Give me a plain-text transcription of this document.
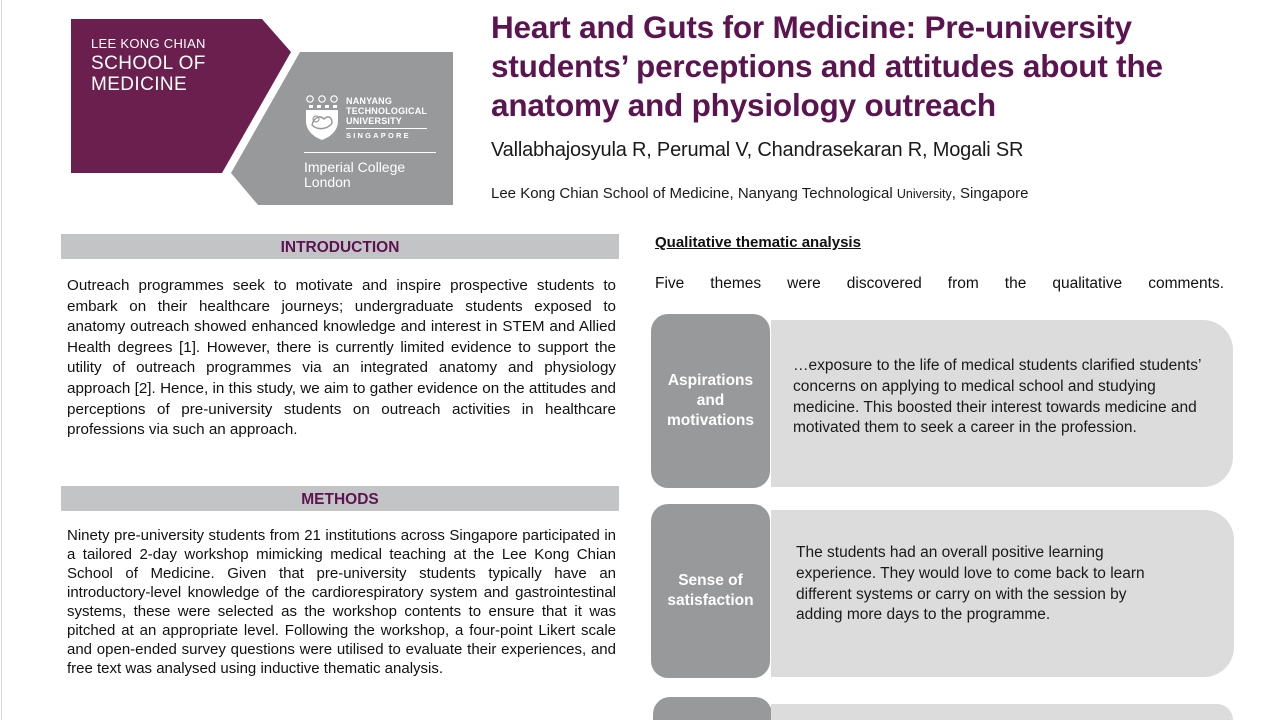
LEE KONG CHIAN
SCHOOL OF
MEDICINE
NANYANG
TECHNOLOGICAL
UNIVERSITY
SINGAPORE
Imperial College
London
Heart and Guts for Medicine: Pre-university students’ perceptions and attitudes about the anatomy and physiology outreach
Vallabhajosyula R, Perumal V, Chandrasekaran R, Mogali SR
Lee Kong Chian School of Medicine, Nanyang Technological University, Singapore
INTRODUCTION

Outreach programmes seek to motivate and inspire prospective students to embark on their healthcare journeys; undergraduate students exposed to anatomy outreach showed enhanced knowledge and interest in STEM and Allied Health degrees [1]. However, there is currently limited evidence to support the utility of outreach programmes via an integrated anatomy and physiology approach [2]. Hence, in this study, we aim to gather evidence on the attitudes and perceptions of pre-university students on outreach activities in healthcare professions via such an approach.

METHODS

Ninety pre-university students from 21 institutions across Singapore participated in a tailored 2-day workshop mimicking medical teaching at the Lee Kong Chian School of Medicine. Given that pre-university students typically have an introductory-level knowledge of the cardiorespiratory system and gastrointestinal systems, these were selected as the workshop contents to ensure that it was pitched at an appropriate level. Following the workshop, a four-point Likert scale and open-ended survey questions were utilised to evaluate their experiences, and free text was analysed using inductive thematic analysis.

Qualitative thematic analysis
Five themes were discovered from the qualitative comments.
Aspirations
and
motivations

…exposure to the life of medical students clarified students’ concerns on applying to medical school and studying medicine. This boosted their interest towards medicine and motivated them to seek a career in the profession.

Sense of
satisfaction

The students had an overall positive learning experience. They would love to come back to learn different systems or carry on with the session by adding more days to the programme.
